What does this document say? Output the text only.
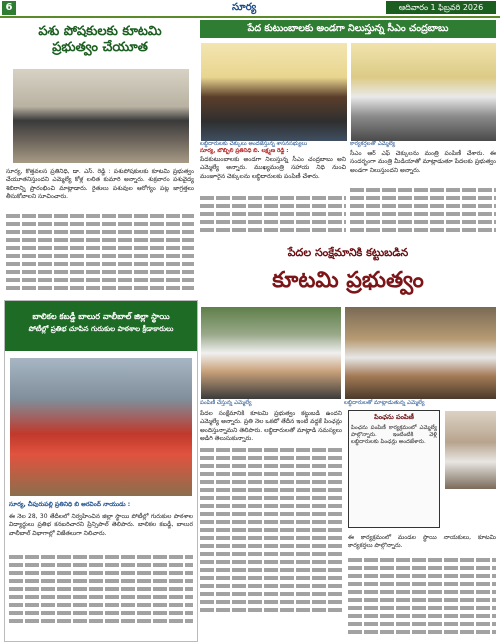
6	సూర్య	ఆదివారం 1 ఫిబ్రవరి 2026
పశు పోషకులకు కూటమి
ప్రభుత్వం చేయూత
సూర్య, కొత్తవలస ప్రతినిధి, డా. ఎస్. రెడ్డి : పశుపోషకులకు కూటమి ప్రభుత్వం చేయూతనిస్తుందని ఎమ్మెల్యే కోళ్ల లలిత కుమారి అన్నారు. శుక్రవారం పశువైద్య శిబిరాన్ని ప్రారంభించి మాట్లాడారు. రైతులు పశువుల ఆరోగ్యం పట్ల జాగ్రత్తలు తీసుకోవాలని సూచించారు.
బాలికల కబడ్డీ బాలుర వాలీబాల్ జిల్లా స్థాయి
పోటీల్లో ప్రతిభ చూపిన గురుకుల పాఠశాల క్రీడాకారులు
సూర్య, చీపురుపల్లి ప్రతినిధి బి అరవింద్ నాయుడు :
ఈ నెల 28, 30 తేదీలలో నిర్వహించిన జిల్లా స్థాయి పోటీల్లో గురుకుల పాఠశాల విద్యార్థులు ప్రతిభ కనబరిచారని ప్రిన్సిపాల్ తెలిపారు. బాలికల కబడ్డీ, బాలుర వాలీబాల్ విభాగాల్లో విజేతలుగా నిలిచారు.
పేద కుటుంబాలకు అండగా నిలుస్తున్న సీఎం చంద్రబాబు
లబ్ధిదారులకు చెక్కులు అందజేస్తున్న శాసనసభ్యులు
సూర్య, బొబ్బిలి ప్రతినిధి బి. లక్ష్మణ రెడ్డి :
పేదకుటుంబాలకు అండగా నిలుస్తున్న సీఎం చంద్రబాబు అని ఎమ్మెల్యే అన్నారు. ముఖ్యమంత్రి సహాయ నిధి నుంచి మంజూరైన చెక్కులను లబ్ధిదారులకు పంపిణీ చేశారు.
కార్యకర్తలతో ఎమ్మెల్యే
సీఎం ఆర్ ఎఫ్ చెక్కులను మంత్రి పంపిణీ చేశారు. ఈ సందర్భంగా మంత్రి మీడియాతో మాట్లాడుతూ పేదలకు ప్రభుత్వం అండగా నిలుస్తుందని అన్నారు.
పేదల సంక్షేమానికి కట్టుబడిన
కూటమి ప్రభుత్వం
పంపిణీ చేస్తున్న ఎమ్మెల్యే	లబ్ధిదారులతో మాట్లాడుతున్న ఎమ్మెల్యే
పేదల సంక్షేమానికి కూటమి ప్రభుత్వం కట్టుబడి ఉందని ఎమ్మెల్యే అన్నారు. ప్రతి నెల ఒకటో తేదీన ఇంటి వద్దకే పింఛన్లు అందిస్తున్నామని తెలిపారు. లబ్ధిదారులతో మాట్లాడి సమస్యలు అడిగి తెలుసుకున్నారు.
పింఛను పంపిణీ
పింఛను పంపిణీ కార్యక్రమంలో ఎమ్మెల్యే పాల్గొన్నారు. ఇంటింటికి వెళ్లి లబ్ధిదారులకు పింఛన్లు అందజేశారు.
ఈ కార్యక్రమంలో మండల స్థాయి నాయకులు, కూటమి కార్యకర్తలు పాల్గొన్నారు.
